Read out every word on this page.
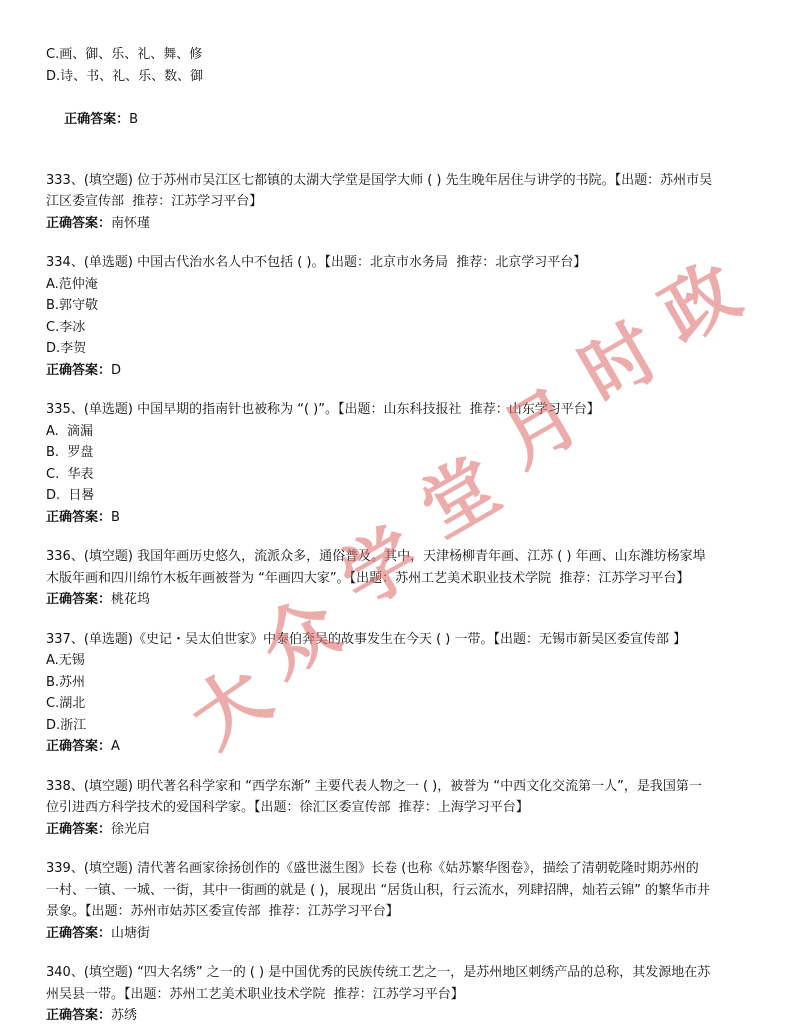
C.画、御、乐、礼、舞、修
D.诗、书、礼、乐、数、御

正确答案：B

333、(填空题) 位于苏州市吴江区七都镇的太湖大学堂是国学大师 ( ) 先生晚年居住与讲学的书院。【出题：苏州市吴
江区委宣传部  推荐：江苏学习平台】
正确答案：南怀瑾
334、(单选题) 中国古代治水名人中不包括 ( )。【出题：北京市水务局  推荐：北京学习平台】
A.范仲淹
B.郭守敬
C.李冰
D.李贺
正确答案：D
335、(单选题) 中国早期的指南针也被称为 “( )”。【出题：山东科技报社  推荐：山东学习平台】
A.  滴漏
B.  罗盘
C.  华表
D.  日晷
正确答案：B
336、(填空题) 我国年画历史悠久，流派众多，通俗普及。其中，天津杨柳青年画、江苏 ( ) 年画、山东潍坊杨家埠
木版年画和四川绵竹木板年画被誉为 “年画四大家”。【出题：苏州工艺美术职业技术学院  推荐：江苏学习平台】
正确答案：桃花坞
337、(单选题)《史记・吴太伯世家》中泰伯奔吴的故事发生在今天 ( ) 一带。【出题：无锡市新吴区委宣传部 】
A.无锡
B.苏州
C.湖北
D.浙江
正确答案：A
338、(填空题) 明代著名科学家和 “西学东渐” 主要代表人物之一 ( )，被誉为 “中西文化交流第一人”，是我国第一
位引进西方科学技术的爱国科学家。【出题：徐汇区委宣传部  推荐：上海学习平台】
正确答案：徐光启
339、(填空题) 清代著名画家徐扬创作的《盛世滋生图》长卷 (也称《姑苏繁华图卷》，描绘了清朝乾隆时期苏州的
一村、一镇、一城、一街，其中一街画的就是 ( )，展现出 “居货山积，行云流水，列肆招牌，灿若云锦” 的繁华市井
景象。【出题：苏州市姑苏区委宣传部  推荐：江苏学习平台】
正确答案：山塘街
340、(填空题) “四大名绣” 之一的 ( ) 是中国优秀的民族传统工艺之一，是苏州地区刺绣产品的总称，其发源地在苏
州吴县一带。【出题：苏州工艺美术职业技术学院  推荐：江苏学习平台】
正确答案：苏绣
大
众
学
堂
月
时
政
